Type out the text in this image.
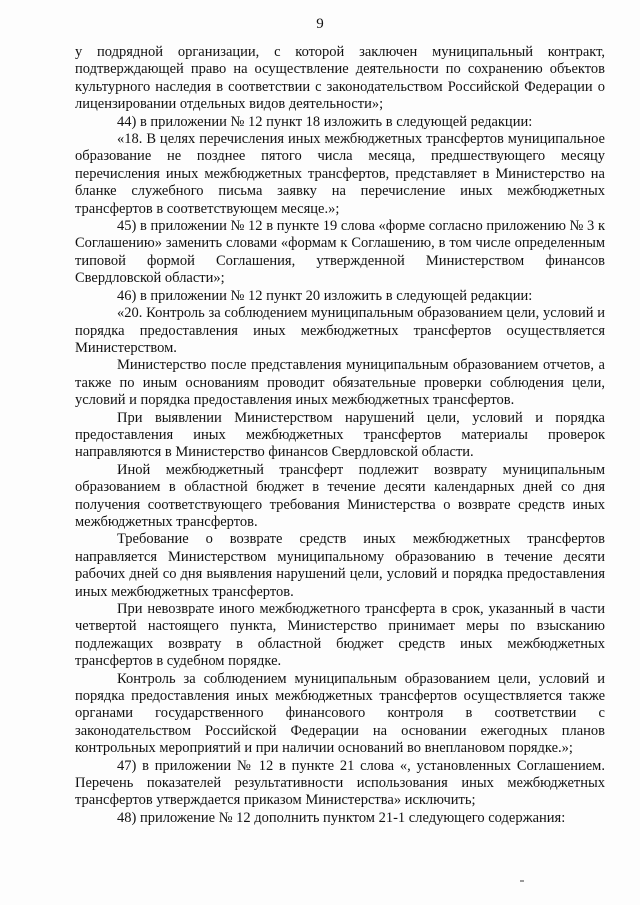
9

у подрядной организации, с которой заключен муниципальный контракт, подтверждающей право на осуществление деятельности по сохранению объектов культурного наследия в соответствии с законодательством Российской Федерации о лицензировании отдельных видов деятельности»;

44) в приложении № 12 пункт 18 изложить в следующей редакции:

«18. В целях перечисления иных межбюджетных трансфертов муниципальное образование не позднее пятого числа месяца, предшествующего месяцу перечисления иных межбюджетных трансфертов, представляет в Министерство на бланке служебного письма заявку на перечисление иных межбюджетных трансфертов в соответствующем месяце.»;

45) в приложении № 12 в пункте 19 слова «форме согласно приложению № 3 к Соглашению» заменить словами «формам к Соглашению, в том числе определенным типовой формой Соглашения, утвержденной Министерством финансов Свердловской области»;

46) в приложении № 12 пункт 20 изложить в следующей редакции:

«20. Контроль за соблюдением муниципальным образованием цели, условий и порядка предоставления иных межбюджетных трансфертов осуществляется Министерством.

Министерство после представления муниципальным образованием отчетов, а также по иным основаниям проводит обязательные проверки соблюдения цели, условий и порядка предоставления иных межбюджетных трансфертов.

При выявлении Министерством нарушений цели, условий и порядка предоставления иных межбюджетных трансфертов материалы проверок направляются в Министерство финансов Свердловской области.

Иной межбюджетный трансферт подлежит возврату муниципальным образованием в областной бюджет в течение десяти календарных дней со дня получения соответствующего требования Министерства о возврате средств иных межбюджетных трансфертов.

Требование о возврате средств иных межбюджетных трансфертов направляется Министерством муниципальному образованию в течение десяти рабочих дней со дня выявления нарушений цели, условий и порядка предоставления иных межбюджетных трансфертов.

При невозврате иного межбюджетного трансферта в срок, указанный в части четвертой настоящего пункта, Министерство принимает меры по взысканию подлежащих возврату в областной бюджет средств иных межбюджетных трансфертов в судебном порядке.

Контроль за соблюдением муниципальным образованием цели, условий и порядка предоставления иных межбюджетных трансфертов осуществляется также органами государственного финансового контроля в соответствии с законодательством Российской Федерации на основании ежегодных планов контрольных мероприятий и при наличии оснований во внеплановом порядке.»;

47) в приложении № 12 в пункте 21 слова «, установленных Соглашением. Перечень показателей результативности использования иных межбюджетных трансфертов утверждается приказом Министерства» исключить;

48) приложение № 12 дополнить пунктом 21-1 следующего содержания:
